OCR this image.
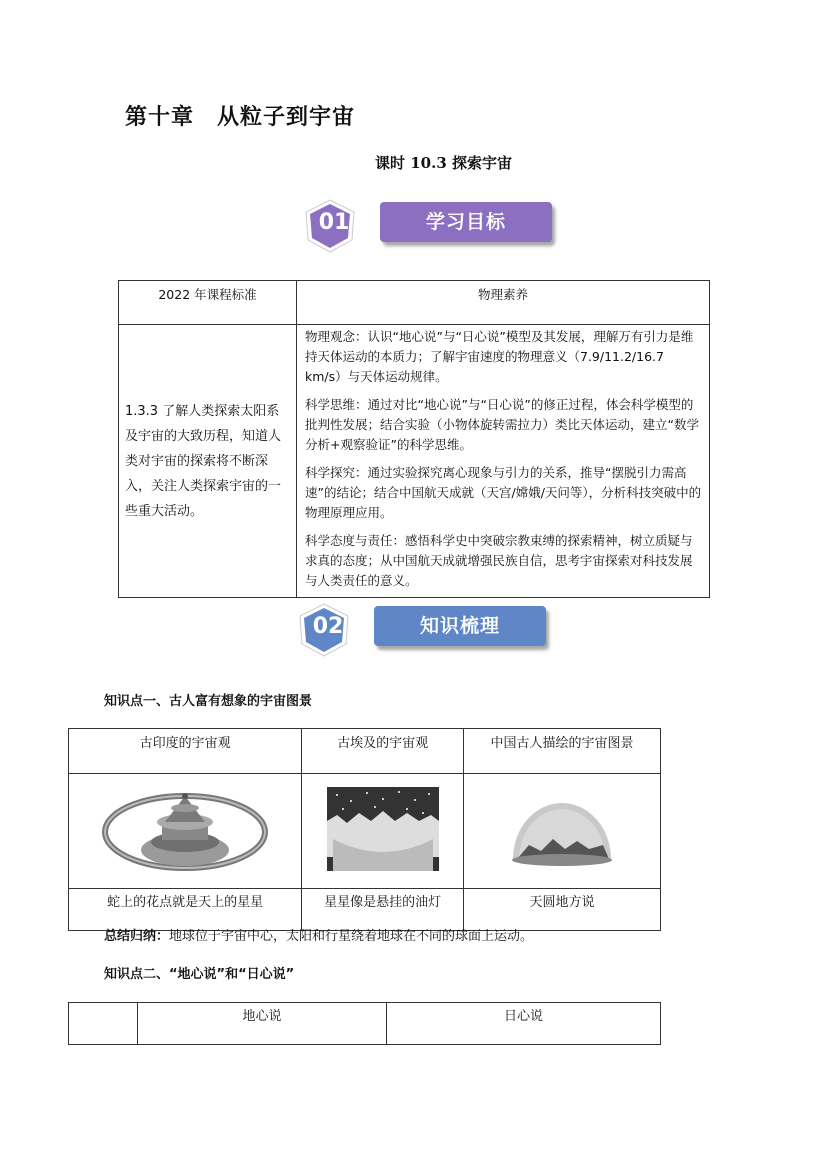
第十章　从粒子到宇宙
课时 10.3 探索宇宙
01	学习目标
2022 年课程标准	物理素养
1.3.3 了解人类探索太阳系及宇宙的大致历程，知道人类对宇宙的探索将不断深入，关注人类探索宇宙的一些重大活动。	物理观念：认识“地心说”与“日心说”模型及其发展，理解万有引力是维持天体运动的本质力；了解宇宙速度的物理意义（7.9/11.2/16.7 km/s）与天体运动规律。

科学思维：通过对比“地心说”与“日心说”的修正过程，体会科学模型的批判性发展；结合实验（小物体旋转需拉力）类比天体运动，建立“数学分析+观察验证”的科学思维。

科学探究：通过实验探究离心现象与引力的关系，推导“摆脱引力需高速”的结论；结合中国航天成就（天宫/嫦娥/天问等），分析科技突破中的物理原理应用。

科学态度与责任：感悟科学史中突破宗教束缚的探索精神，树立质疑与求真的态度；从中国航天成就增强民族自信，思考宇宙探索对科技发展与人类责任的意义。

02	知识梳理
知识点一、古人富有想象的宇宙图景
古印度的宇宙观	古埃及的宇宙观	中国古人描绘的宇宙图景

蛇上的花点就是天上的星星	星星像是悬挂的油灯	天圆地方说
总结归纳：地球位于宇宙中心，太阳和行星绕着地球在不同的球面上运动。
知识点二、“地心说”和“日心说”
	地心说	日心说
